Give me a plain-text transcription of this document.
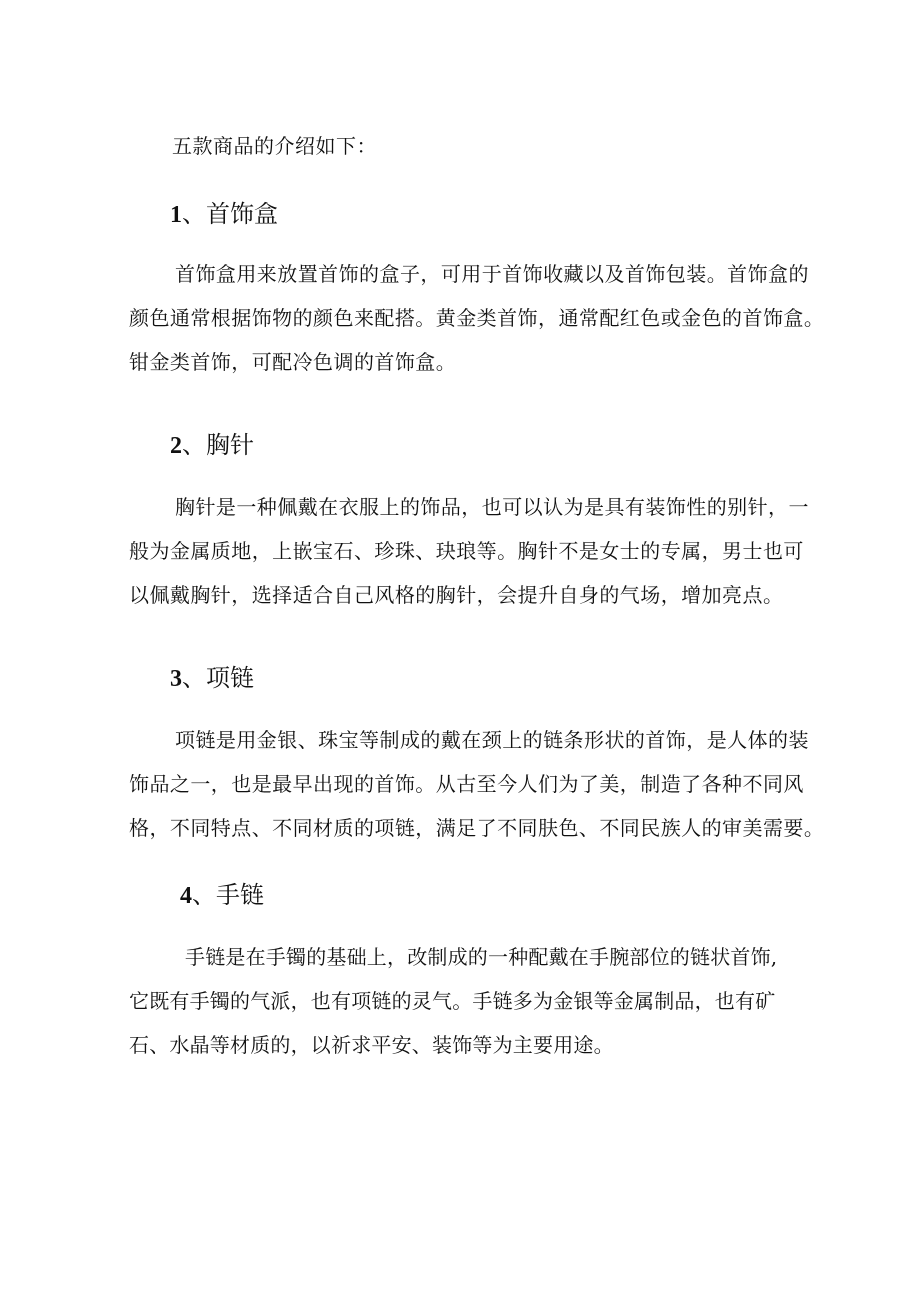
五款商品的介绍如下：
1、首饰盒
首饰盒用来放置首饰的盒子，可用于首饰收藏以及首饰包装。首饰盒的
颜色通常根据饰物的颜色来配搭。黄金类首饰，通常配红色或金色的首饰盒。
钳金类首饰，可配冷色调的首饰盒。
2、胸针
胸针是一种佩戴在衣服上的饰品，也可以认为是具有装饰性的别针，一
般为金属质地，上嵌宝石、珍珠、玦琅等。胸针不是女士的专属，男士也可
以佩戴胸针，选择适合自己风格的胸针，会提升自身的气场，增加亮点。
3、项链
项链是用金银、珠宝等制成的戴在颈上的链条形状的首饰，是人体的装
饰品之一，也是最早出现的首饰。从古至今人们为了美，制造了各种不同风
格，不同特点、不同材质的项链，满足了不同肤色、不同民族人的审美需要。
4、手链
手链是在手镯的基础上，改制成的一种配戴在手腕部位的链状首饰,
它既有手镯的气派，也有项链的灵气。手链多为金银等金属制品，也有矿
石、水晶等材质的，以祈求平安、装饰等为主要用途。
